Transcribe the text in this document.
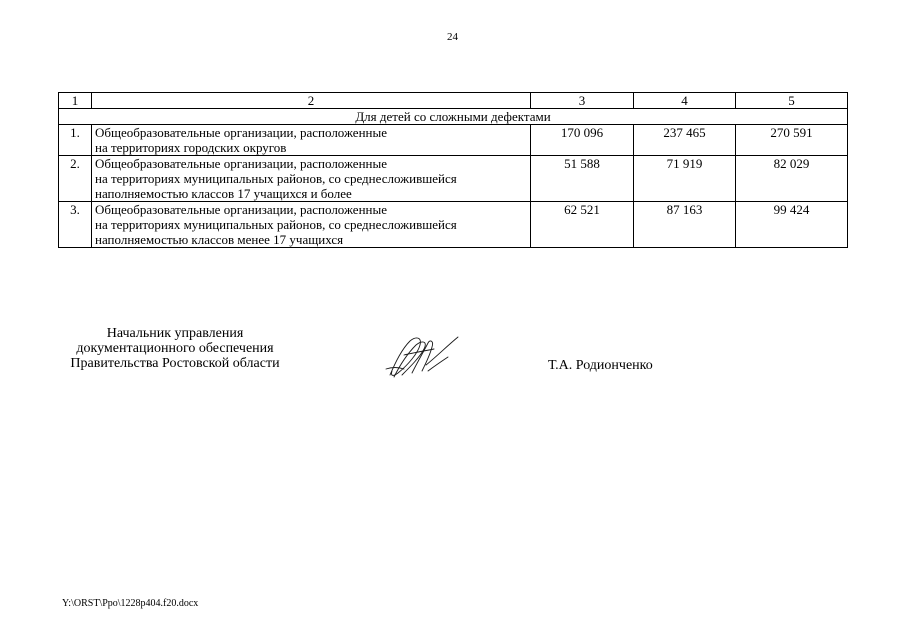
24
1	2	3	4	5
Для детей со сложными дефектами				
1.	Общеобразовательные организации, расположенные
на территориях городских округов	170 096	237 465	270 591
2.	Общеобразовательные организации, расположенные
на территориях муниципальных районов, со среднесложившейся
наполняемостью классов 17 учащихся и более	51 588	71 919	82 029
3.	Общеобразовательные организации, расположенные
на территориях муниципальных районов, со среднесложившейся
наполняемостью классов менее 17 учащихся	62 521	87 163	99 424
Начальник управления
документационного обеспечения
Правительства Ростовской области	Т.А. Родионченко
Y:\ORST\Ppo\1228p404.f20.docx
